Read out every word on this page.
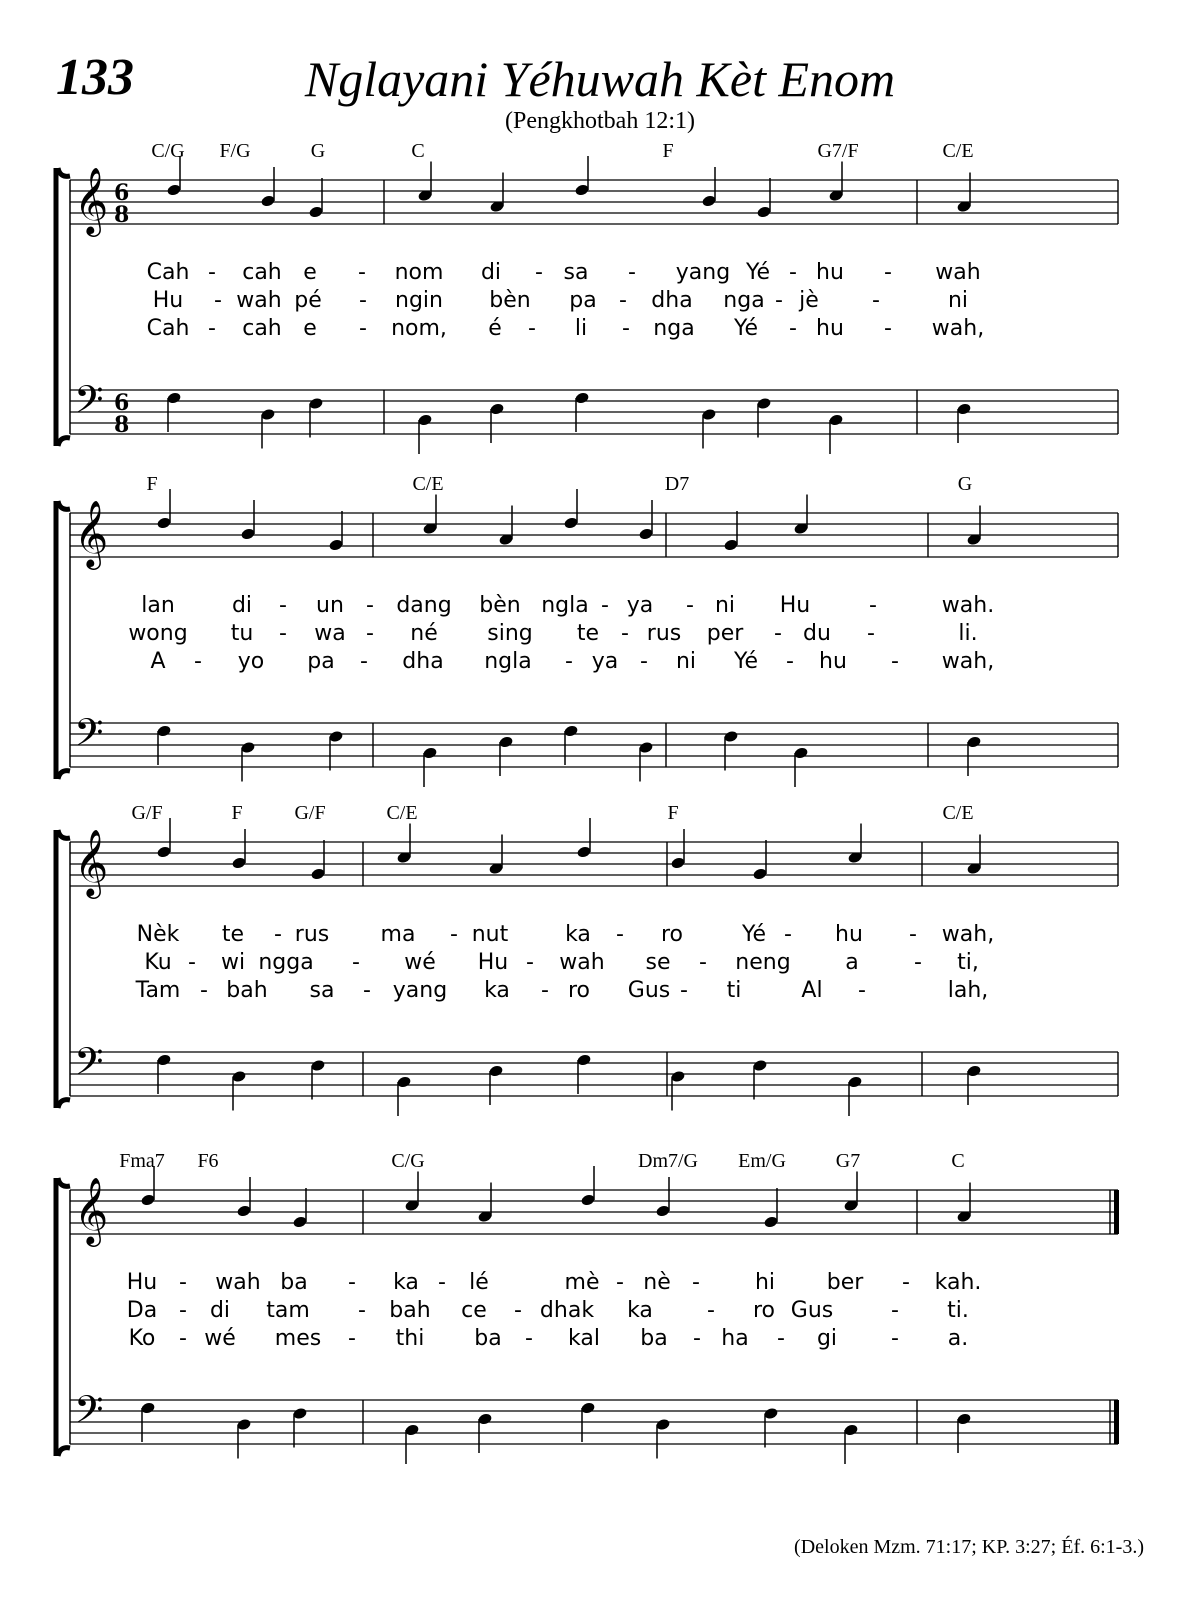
133	Nglayani Yéhuwah Kèt Enom
(Pengkhotbah 12:1)
C/G F/G	G	C	F	G7/F	C/E
𝄞
𝄢
6
8
6
8
Cah - cah e - nom di - sa - yang Yé - hu - wah
Hu - wah pé - ngin bèn pa - dha nga - jè -	ni
Cah - cah e - nom, é - li - nga Yé - hu - wah,
F	C/E	D7	G
𝄞
𝄢
lan	di - un - dang bèn ngla - ya - ni Hu	-	wah.
wong tu - wa - né sing te - rus per - du -	li.
A - yo pa - dha ngla - ya - ni Yé - hu - wah,
G/F	F	G/F	C/E	F	C/E
𝄞
𝄢
Nèk te - rus ma - nut	ka - ro	Yé - hu - wah,
Ku - wi ngga - wé Hu - wah se - neng a	- ti,
Tam - bah sa - yang ka - ro Gus - ti	Al -	lah,
Fma7 F6	C/G	Dm7/G Em/G G7	C
𝄞
𝄢
Hu - wah ba - ka - lé	mè - nè - hi ber - kah.
Da - di tam - bah ce - dhak ka - ro Gus	- ti.
Ko - wé mes - thi ba - kal ba - ha - gi - a.
(Deloken Mzm. 71:17; KP. 3:27; Éf. 6:1-3.)
